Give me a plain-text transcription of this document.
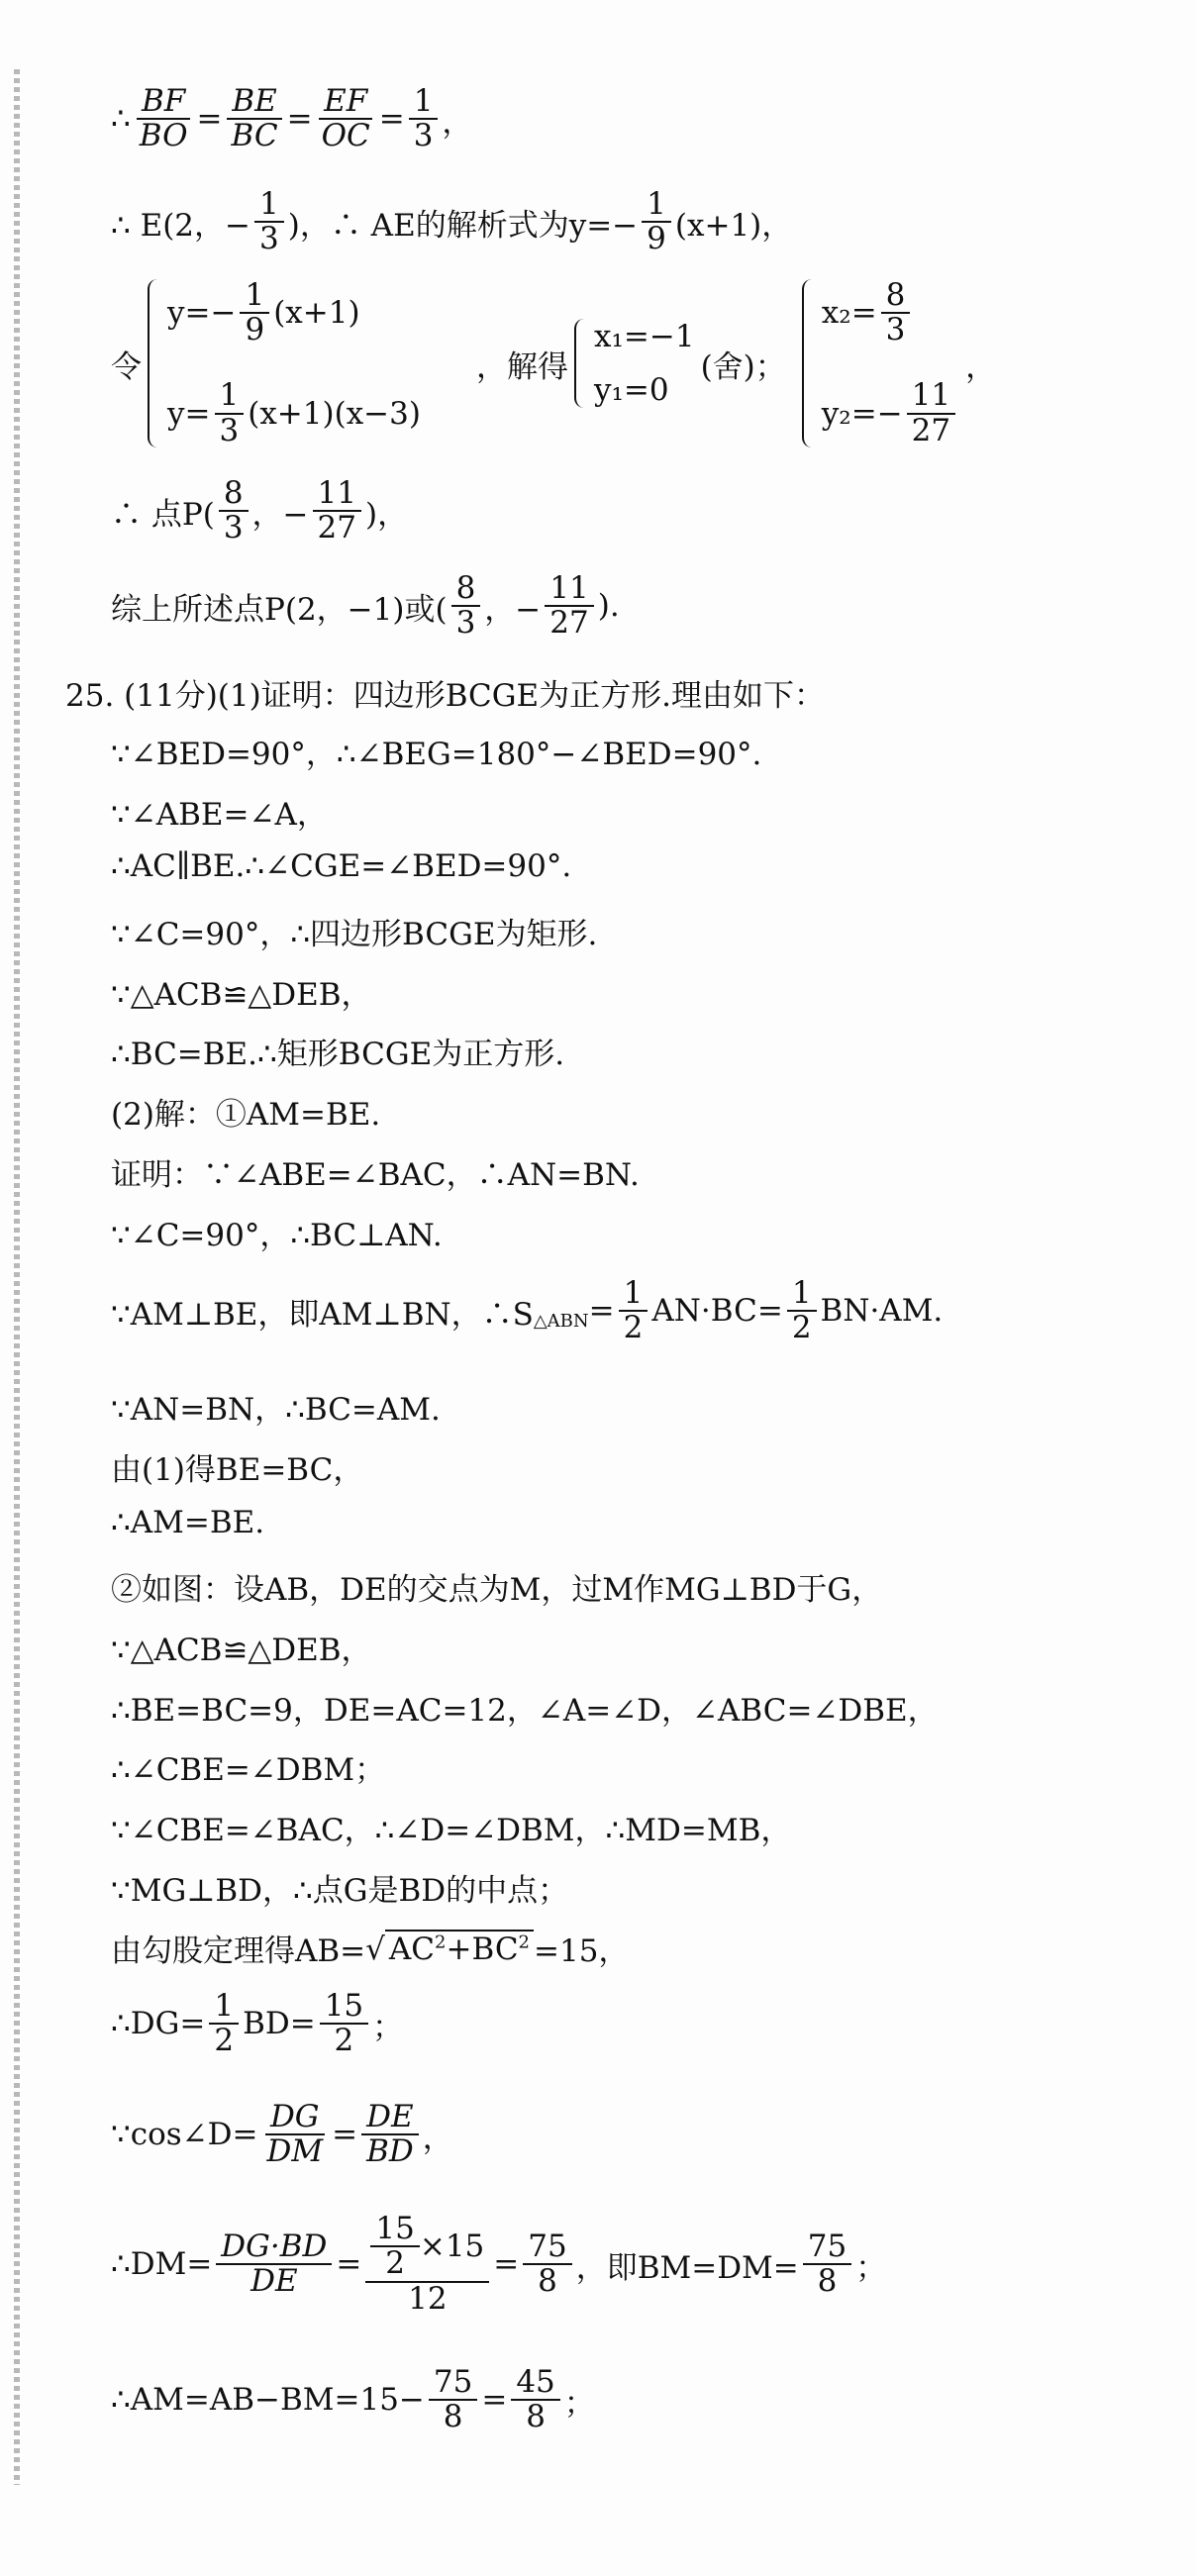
∴ $\frac{BF}{BO} = \frac{BE}{BC} = \frac{EF}{OC} = \frac{1}{3}$ ，
∴ E(2，− $\frac{1}{3}$ )，∴ AE的解析式为$y=- \frac{1}{9} (x+1)$，
令
$y=- \frac{1}{9} (x+1)$
$y= \frac{1}{3} (x+1)(x-3)$
，解得
x₁=−1
y₁=0
(舍)；
$x_2= \frac{8}{3}$
$y_2=- \frac{11}{27}$
，
∴ 点$P( \frac{8}{3}$ ，− $\frac{11}{27}$ )，
综上所述点P(2，−1)或( $\frac{8}{3}$ ，− $\frac{11}{27}$ ).
25. (11分)(1)证明：四边形BCGE为正方形.理由如下：
∵∠BED=90°，∴∠BEG=180°−∠BED=90°.
∵∠ABE=∠A，
∴AC∥BE.∴∠CGE=∠BED=90°.
∵∠C=90°，∴四边形BCGE为矩形.
∵△ACB≌△DEB，
∴BC=BE.∴矩形BCGE为正方形.
(2)解：①AM=BE.
证明：∵∠ABE=∠BAC，∴AN=BN.
∵∠C=90°，∴BC⊥AN.
∵AM⊥BE，即AM⊥BN，∴S △ABN = $\frac{1}{2} AN\cdot BC= \frac{1}{2} BN\cdot AM$.
∵AN=BN，∴BC=AM.
由(1)得BE=BC，
∴AM=BE.
②如图：设AB，DE的交点为M，过M作MG⊥BD于G，
∵△ACB≌△DEB，
∴BE=BC=9，DE=AC=12，∠A=∠D，∠ABC=∠DBE，
∴∠CBE=∠DBM；
∵∠CBE=∠BAC，∴∠D=∠DBM，∴MD=MB，
∵MG⊥BD，∴点G是BD的中点；
由勾股定理得AB= √ $AC^2+BC^2 =15$，
∴DG= $\frac{1}{2} BD= \frac{15}{2}$ ；
∵cos∠D= $\frac{DG}{DM} = \frac{DE}{BD}$ ，
∴DM= $\frac{DG\cdot BD}{DE} = \frac{\frac{15}{2} \times 15}{12} = \frac{75}{8}$ ，即$BM=DM= \frac{75}{8}$ ；
∴AM=AB−BM=15− $\frac{75}{8} = \frac{45}{8}$ ；
